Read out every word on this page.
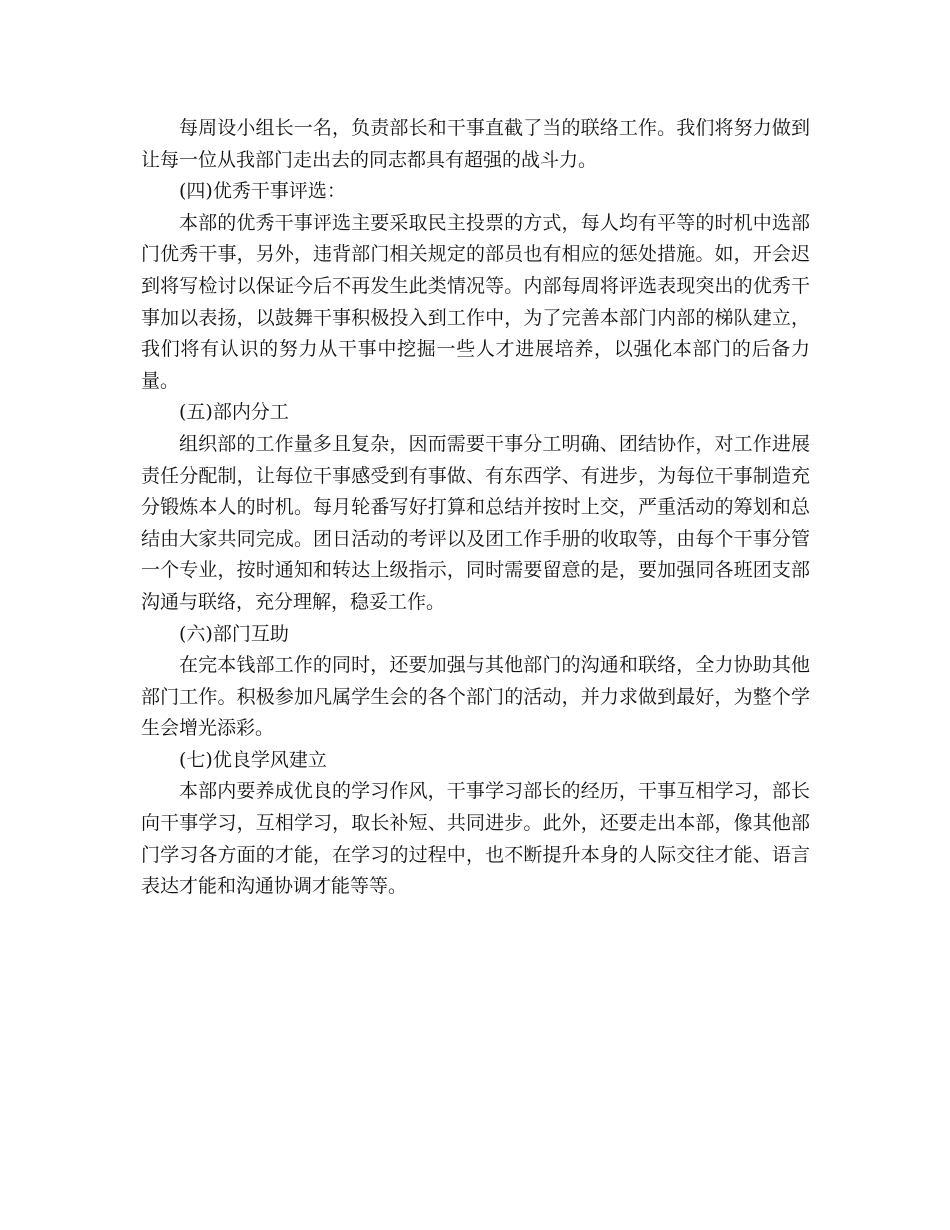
每周设小组长一名，负责部长和干事直截了当的联络工作。我们将努力做到让每一位从我部门走出去的同志都具有超强的战斗力。

(四)优秀干事评选：

本部的优秀干事评选主要采取民主投票的方式，每人均有平等的时机中选部门优秀干事，另外，违背部门相关规定的部员也有相应的惩处措施。如，开会迟到将写检讨以保证今后不再发生此类情况等。内部每周将评选表现突出的优秀干事加以表扬，以鼓舞干事积极投入到工作中，为了完善本部门内部的梯队建立，我们将有认识的努力从干事中挖掘一些人才进展培养，以强化本部门的后备力量。

(五)部内分工

组织部的工作量多且复杂，因而需要干事分工明确、团结协作，对工作进展责任分配制，让每位干事感受到有事做、有东西学、有进步，为每位干事制造充分锻炼本人的时机。每月轮番写好打算和总结并按时上交，严重活动的筹划和总结由大家共同完成。团日活动的考评以及团工作手册的收取等，由每个干事分管一个专业，按时通知和转达上级指示，同时需要留意的是，要加强同各班团支部沟通与联络，充分理解，稳妥工作。

(六)部门互助

在完本钱部工作的同时，还要加强与其他部门的沟通和联络，全力协助其他部门工作。积极参加凡属学生会的各个部门的活动，并力求做到最好，为整个学生会增光添彩。

(七)优良学风建立

本部内要养成优良的学习作风，干事学习部长的经历，干事互相学习，部长向干事学习，互相学习，取长补短、共同进步。此外，还要走出本部，像其他部门学习各方面的才能，在学习的过程中，也不断提升本身的人际交往才能、语言表达才能和沟通协调才能等等。
